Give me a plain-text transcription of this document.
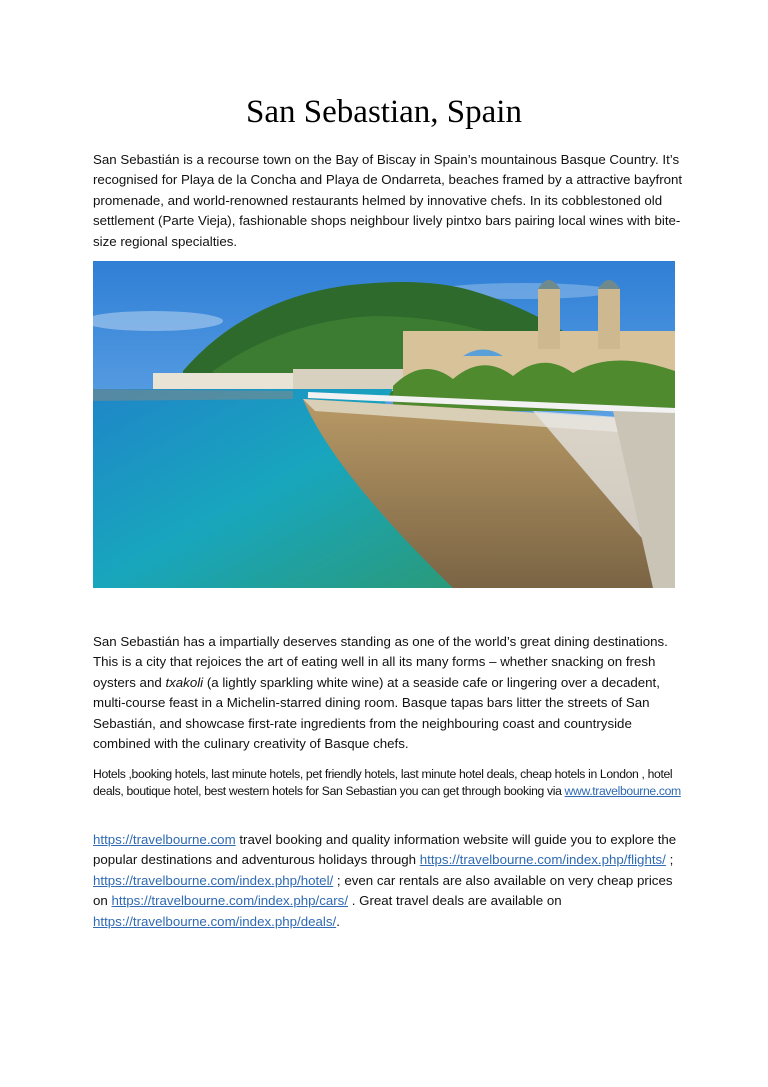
San Sebastian, Spain

San Sebastián is a recourse town on the Bay of Biscay in Spain’s mountainous Basque Country. It’s recognised for Playa de la Concha and Playa de Ondarreta, beaches framed by a attractive bayfront promenade, and world-renowned restaurants helmed by innovative chefs. In its cobblestoned old settlement (Parte Vieja), fashionable shops neighbour lively pintxo bars pairing local wines with bite-size regional specialties.

San Sebastián has a impartially deserves standing as one of the world’s great dining destinations. This is a city that rejoices the art of eating well in all its many forms – whether snacking on fresh oysters and txakoli (a lightly sparkling white wine) at a seaside cafe or lingering over a decadent, multi-course feast in a Michelin-starred dining room. Basque tapas bars litter the streets of San Sebastián, and showcase first-rate ingredients from the neighbouring coast and countryside combined with the culinary creativity of Basque chefs.

Hotels ,booking hotels, last minute hotels, pet friendly hotels, last minute hotel deals, cheap hotels in London , hotel deals, boutique hotel, best western hotels for San Sebastian you can get through booking via www.travelbourne.com

https://travelbourne.com travel booking and quality information website will guide you to explore the popular destinations and adventurous holidays through https://travelbourne.com/index.php/flights/ ; https://travelbourne.com/index.php/hotel/ ; even car rentals are also available on very cheap prices on https://travelbourne.com/index.php/cars/ . Great travel deals are available on https://travelbourne.com/index.php/deals/.
